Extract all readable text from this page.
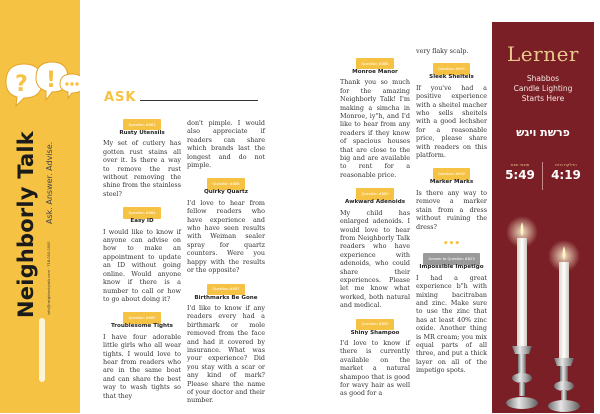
? !
Neighborly Talk Ask. Answer. Advise.
info@neighborlytalk.com · 718.000.0000
ASK
Question #883
Rusty Utensils

My set of cutlery has gotten rust stains all over it. Is there a way to remove the rust without removing the shine from the stainless steel?

Question #884
Easy ID

I would like to know if anyone can advise on how to make an appointment to update an ID without going online. Would anyone know if there is a number to call or how to go about doing it?

Question #885
Troublesome Tights

I have four adorable little girls who all wear tights. I would love to hear from readers who are in the same boat and can share the best way to wash tights so that they

don't pimple. I would also appreciate if readers can share which brands last the longest and do not pimple.

Question #886
Quirky Quartz

I'd love to hear from fellow readers who have experience and who have seen results with Weiman sealer spray for quartz counters. Were you happy with the results or the opposite?

Question #887
Birthmarks Be Gone

I'd like to know if any readers every had a birthmark or mole removed from the face and had it covered by insurance. What was your experience? Did you stay with a scar or any kind of mark? Please share the name of your doctor and their number.

Question #888
Monroe Manor

Thank you so much for the amazing Neighborly Talk! I'm making a simcha in Monroe, iy"h, and I'd like to hear from any readers if they know of spacious houses that are close to the big and are available to rent for a reasonable price.

Question #889
Awkward Adenoids

My child has enlarged adenoids. I would love to hear from Neighborly Talk readers who have experience with adenoids, who could share their experiences. Please let me know what worked, both natural and medical.

Question #890
Shiny Shampoo

I'd love to know if there is currently available on the market a natural shampoo that is good for wavy hair as well as good for a

very flaky scalp.

Question #891
Sleek Sheitels

If you've had a positive experience with a sheitel macher who sells sheitels with a good lechsher for a reasonable price, please share with readers on this platform.

Question #892
Marker Marks

Is there any way to remove a marker stain from a dress without ruining the dress?

•••
Answer to Question #823
Impossible Impetigo

I had a great experience b"h with mixing bacitraban and zinc. Make sure to use the zinc that has at least 40% zinc oxide. Another thing is MR cream; you mix equal parts of all three, and put a thick layer on all of the impetigo spots.

Lerner
Shabbos
Candle Lighting
Starts Here
פרשת ויגש
מוצאי שבת
5:49
הדלקת נרות
4:19
